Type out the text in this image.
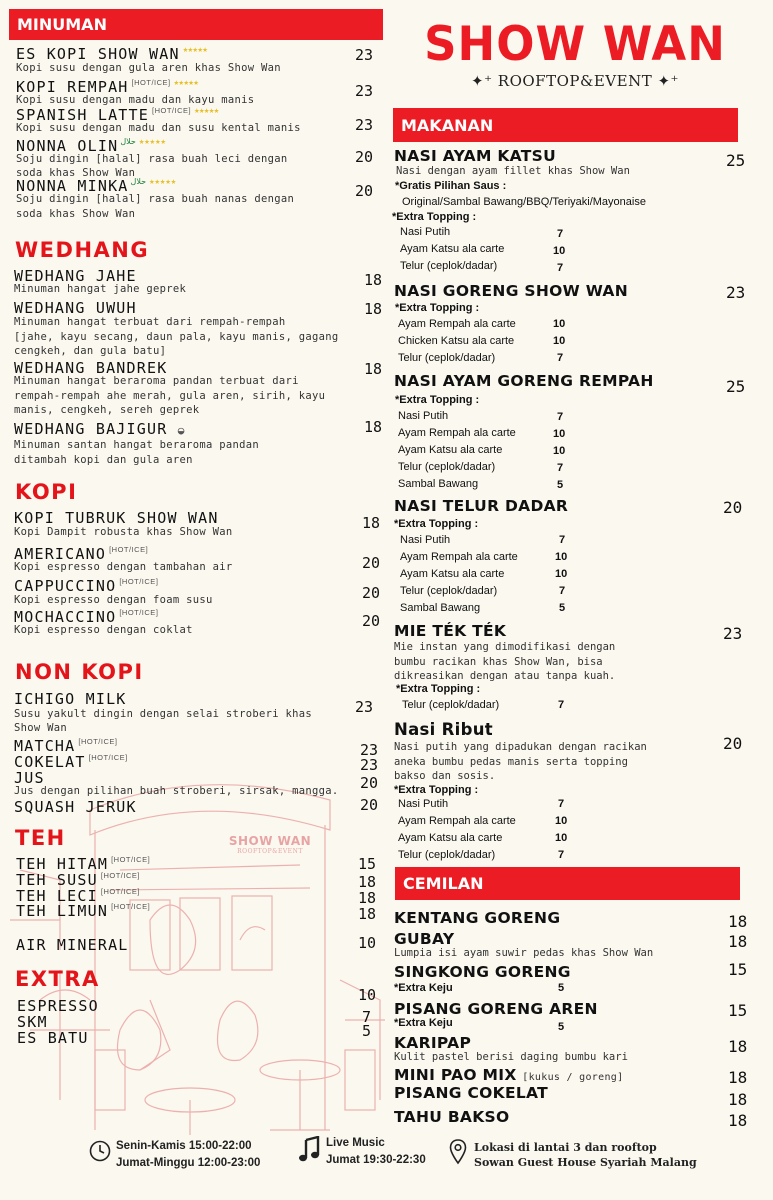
SHOW WAN
ROOFTOP&EVENT
MINUMAN
ES KOPI SHOW WAN ★★★★★
Kopi susu dengan gula aren khas Show Wan
23
KOPI REMPAH [HOT/ICE] ★★★★★
Kopi susu dengan madu dan kayu manis	23
SPANISH LATTE [HOT/ICE] ★★★★★
Kopi susu dengan madu dan susu kental manis	23
NONNA OLIN $^{حلال}$ ★★★★★
Soju dingin [halal] rasa buah leci dengan
soda khas Show Wan
20
NONNA MINKA $^{حلال}$ ★★★★★
Soju dingin [halal] rasa buah nanas dengan
soda khas Show Wan
20
WEDHANG
WEDHANG JAHE
Minuman hangat jahe geprek	18
WEDHANG UWUH
Minuman hangat terbuat dari rempah-rempah
[jahe, kayu secang, daun pala, kayu manis, gagang
cengkeh, dan gula batu]
18
WEDHANG BANDREK
Minuman hangat beraroma pandan terbuat dari
rempah-rempah ahe merah, gula aren, sirih, kayu
manis, cengkeh, sereh geprek
18
WEDHANG BAJIGUR ◒
Minuman santan hangat beraroma pandan
ditambah kopi dan gula aren
18
KOPI
KOPI TUBRUK SHOW WAN
Kopi Dampit robusta khas Show Wan	18
AMERICANO [HOT/ICE]
Kopi espresso dengan tambahan air	20
CAPPUCCINO [HOT/ICE]
Kopi espresso dengan foam susu	20
MOCHACCINO [HOT/ICE]
Kopi espresso dengan coklat	20
NON KOPI
ICHIGO MILK
Susu yakult dingin dengan selai stroberi khas
Show Wan
23
MATCHA [HOT/ICE]	23
COKELAT [HOT/ICE]	23
JUS
Jus dengan pilihan buah stroberi, sirsak, mangga. 20
SQUASH JERUK	20
TEH
TEH HITAM [HOT/ICE]	15
TEH SUSU [HOT/ICE]	18
TEH LECI [HOT/ICE]	18
TEH LIMUN [HOT/ICE]	18
AIR MINERAL	10
EXTRA
ESPRESSO
10
SKM	7
ES BATU	5
SHOW WAN
✦⁺ ROOFTOP&EVENT ✦⁺
MAKANAN
NASI AYAM KATSU	25
Nasi dengan ayam fillet khas Show Wan
*Gratis Pilihan Saus :
Original/Sambal Bawang/BBQ/Teriyaki/Mayonaise
*Extra Topping :
Nasi Putih	7
Ayam Katsu ala carte	10
Telur (ceplok/dadar)	7
NASI GORENG SHOW WAN	23
*Extra Topping :
Ayam Rempah ala carte	10
Chicken Katsu ala carte	10
Telur (ceplok/dadar)	7
NASI AYAM GORENG REMPAH	25
*Extra Topping :
Nasi Putih	7
Ayam Rempah ala carte	10
Ayam Katsu ala carte	10
Telur (ceplok/dadar)	7
Sambal Bawang	5
NASI TELUR DADAR	20
*Extra Topping :
Nasi Putih	7
Ayam Rempah ala carte	10
Ayam Katsu ala carte	10
Telur (ceplok/dadar)	7
Sambal Bawang	5
MIE TÉK TÉK	23
Mie instan yang dimodifikasi dengan
bumbu racikan khas Show Wan, bisa
dikreasikan dengan atau tanpa kuah.
*Extra Topping :
Telur (ceplok/dadar)	7
Nasi Ribut
20
Nasi putih yang dipadukan dengan racikan
aneka bumbu pedas manis serta topping
bakso dan sosis.
*Extra Topping :
Nasi Putih	7
Ayam Rempah ala carte	10
Ayam Katsu ala carte	10
Telur (ceplok/dadar)	7
CEMILAN
KENTANG GORENG	18
GUBAY	18
Lumpia isi ayam suwir pedas khas Show Wan
SINGKONG GORENG	15
*Extra Keju	5
PISANG GORENG AREN	15
*Extra Keju	5
KARIPAP	18
Kulit pastel berisi daging bumbu kari
MINI PAO MIX [kukus / goreng]	18
PISANG COKELAT	18
TAHU BAKSO	18
Senin-Kamis 15:00-22:00
Jumat-Minggu 12:00-23:00
Live Music
Jumat 19:30-22:30
Lokasi di lantai 3 dan rooftop
Sowan Guest House Syariah Malang
